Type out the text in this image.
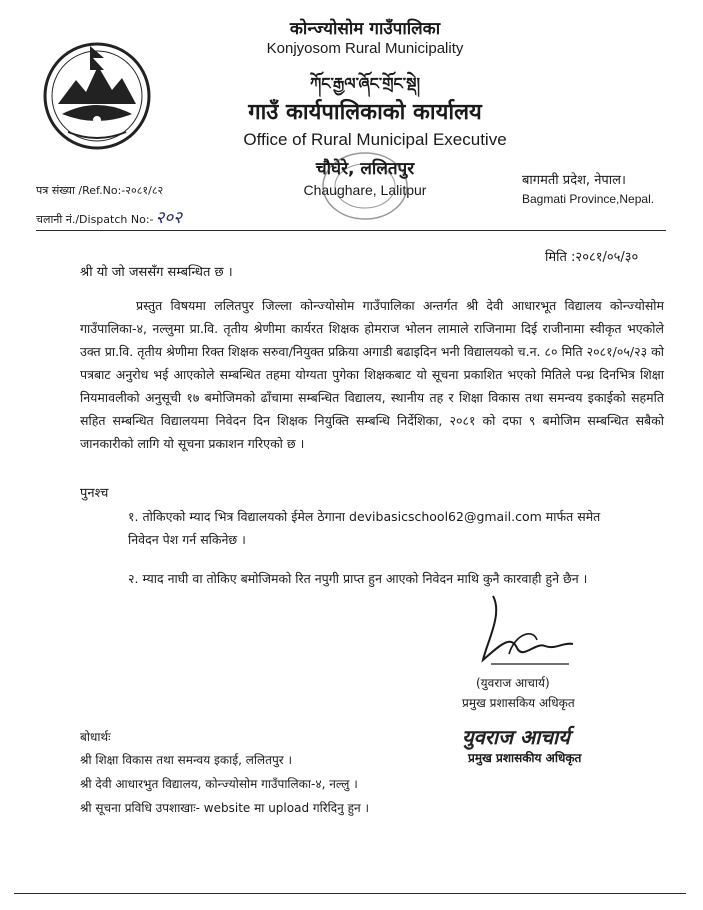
कोन्ज्योसोम गाउँपालिका
Konjyosom Rural Municipality
ཀོང་རྒྱལ་ཞོང་གྲོང་སྡེ།
गाउँ कार्यपालिकाको कार्यालय
Office of Rural Municipal Executive
चौघेरे, ललितपुर
Chaughare, Lalitpur
बागमती प्रदेश, नेपाल।
Bagmati Province,Nepal.
पत्र संख्या /Ref.No:-२०८१/८२
चलानी नं./Dispatch No:- २०२
मिति :२०८१/०५/३०
श्री यो जो जससँग सम्बन्धित छ ।
प्रस्तुत विषयमा ललितपुर जिल्ला कोन्ज्योसोम गाउँपालिका अन्तर्गत श्री देवी आधारभूत विद्यालय कोन्ज्योसोम गाउँपालिका-४, नल्लुमा प्रा.वि. तृतीय श्रेणीमा कार्यरत शिक्षक होमराज भोलन लामाले राजिनामा दिई राजीनामा स्वीकृत भएकोले उक्त प्रा.वि. तृतीय श्रेणीमा रिक्त शिक्षक सरुवा/नियुक्त प्रक्रिया अगाडी बढाइदिन भनी विद्यालयको च.न. ८० मिति २०८१/०५/२३ को पत्रबाट अनुरोध भई आएकोले सम्बन्धित तहमा योग्यता पुगेका शिक्षकबाट यो सूचना प्रकाशित भएको मितिले पन्ध्र दिनभित्र शिक्षा नियमावलीको अनुसूची १७ बमोजिमको ढाँचामा सम्बन्धित विद्यालय, स्थानीय तह र शिक्षा विकास तथा समन्वय इकाईको सहमति सहित सम्बन्धित विद्यालयमा निवेदन दिन शिक्षक नियुक्ति सम्बन्धि निर्देशिका, २०८१ को दफा ९ बमोजिम सम्बन्धित सबैको जानकारीको लागि यो सूचना प्रकाशन गरिएको छ ।
पुनश्च
१. तोकिएको म्याद भित्र विद्यालयको ईमेल ठेगाना devibasicschool62@gmail.com मार्फत समेत निवेदन पेश गर्न सकिनेछ ।
२. म्याद नाघी वा तोकिए बमोजिमको रित नपुगी प्राप्त हुन आएको निवेदन माथि कुनै कारवाही हुने छैन ।
(युवराज आचार्य)
प्रमुख प्रशासकिय अधिकृत
युवराज आचार्य
प्रमुख प्रशासकीय अधिकृत
बोधार्थः
श्री शिक्षा विकास तथा समन्वय इकाई, ललितपुर ।
श्री देवी आधारभुत विद्यालय, कोन्ज्योसोम गाउँपालिका-४, नल्लु ।
श्री सूचना प्रविधि उपशाखाः- website मा upload गरिदिनु हुन ।
